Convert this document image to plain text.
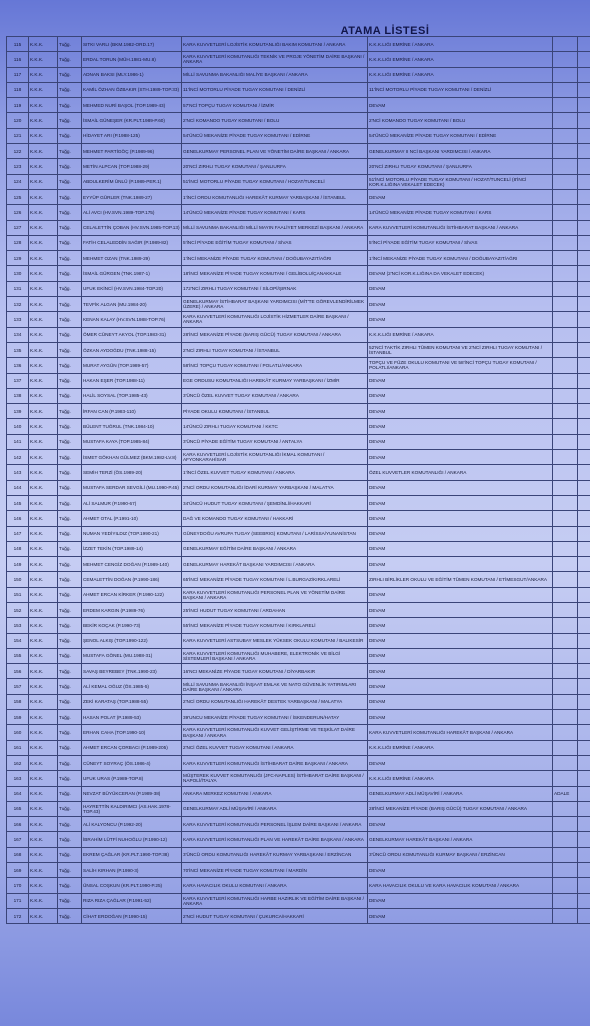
ATAMA LİSTESİ
115	K.K.K.	Tuğg.	SITKI VARLI (BKM.1982-ORD.17)	KARA KUVVETLERİ LOJİSTİK KOMUTANLIĞI BAKIM KOMUTANI / ANKARA	K.K.K.LIĞI EMRİNE / ANKARA		
116	K.K.K.	Tuğg.	ERDAL TORUN (MÜH.1981-MU.8)	KARA KUVVETLERİ KOMUTANLIĞI TEKNİK VE PROJE YÖNETİM DAİRE BAŞKANI / ANKARA	K.K.K.LIĞI EMRİNE / ANKARA		
117	K.K.K.	Tuğg.	ADNAN BAKSI (MLY.1986-1)	MİLLİ SAVUNMA BAKANLIĞI MALİYE BAŞKANI / ANKARA	K.K.K.LIĞI EMRİNE / ANKARA		
118	K.K.K.	Tuğg.	KAMİL ÖZHAN ÖZBAKIR (STH.1989-TOP.33)	11'İNCİ MOTORLU PİYADE TUGAY KOMUTANI / DENİZLİ	11'İNCİ MOTORLU PİYADE TUGAY KOMUTANI / DENİZLİ		
119	K.K.K.	Tuğg.	MEHMED NURİ BAŞOL (TOP.1989-43)	57'NCİ TOPÇU TUGAY KOMUTANI / İZMİR	DEVAM		
120	K.K.K.	Tuğg.	İSMAİL GÜNEŞER (KR.PLT.1989-P.60)	2'NCİ KOMANDO TUGAY KOMUTANI / BOLU	2'NCİ KOMANDO TUGAY KOMUTANI / BOLU		
121	K.K.K.	Tuğg.	HİDAYET ARI (P.1988-125)	54'ÜNCÜ MEKANİZE PİYADE TUGAY KOMUTANI / EDİRNE	54'ÜNCÜ MEKANİZE PİYADE TUGAY KOMUTANI / EDİRNE		
122	K.K.K.	Tuğg.	MEHMET PARTİGÖÇ (P.1989-96)	GENELKURMAY PERSONEL PLAN VE YÖNETİM DAİRE BAŞKANI / ANKARA	GENELKURMAY II NCİ BAŞKANI YARDIMCISI / ANKARA		
123	K.K.K.	Tuğg.	METİN ALPCAN (TOP.1988-29)	20'NCİ ZIRHLI TUGAY KOMUTANI / ŞANLIURFA	20'NCİ ZIRHLI TUGAY KOMUTANI / ŞANLIURFA		
124	K.K.K.	Tuğg.	ABDULKERİM ÜNLÜ (P.1989-PER.1)	51'İNCİ MOTORLU PİYADE TUGAY KOMUTANI / HOZAT/TUNCELİ	51'İNCİ MOTORLU PİYADE TUGAY KOMUTANI / HOZAT/TUNCELİ (8'İNCİ KOR.K.LIĞINA VEKALET EDECEK)		
125	K.K.K.	Tuğg.	EYYÜP GÜRLER (TNK.1989-27)	1'İNCİ ORDU KOMUTANLIĞI HAREKÂT KURMAY YARBAŞKANI / İSTANBUL	DEVAM		
126	K.K.K.	Tuğg.	ALİ AVCI (HV.SVN.1989-TOP.175)	14'ÜNCÜ MEKANİZE PİYADE TUGAY KOMUTANI / KARS	14'ÜNCÜ MEKANİZE PİYADE TUGAY KOMUTANI / KARS		
127	K.K.K.	Tuğg.	CELALETTİN ÇOBAN (HV.SVN.1985-TOP.13)	MİLLİ SAVUNMA BAKANLIĞI MİLLİ MAYIN FAALİYET MERKEZİ BAŞKANI / ANKARA	KARA KUVVETLERİ KOMUTANLIĞI İSTİHBARAT BAŞKANI / ANKARA		
128	K.K.K.	Tuğg.	FATİH CELALEDDİN SAĞIR (P.1989-82)	5'İNCİ PİYADE EĞİTİM TUGAY KOMUTANI / SİVAS	5'İNCİ PİYADE EĞİTİM TUGAY KOMUTANI / SİVAS		
129	K.K.K.	Tuğg.	MEHMET OZAN (TNK.1989-29)	1'İNCİ MEKANİZE PİYADE TUGAY KOMUTANI / DOĞUBAYAZIT/AĞRI	1'İNCİ MEKANİZE PİYADE TUGAY KOMUTANI / DOĞUBAYAZIT/AĞRI		
130	K.K.K.	Tuğg.	İSMAİL GÜRGEN (TNK.1987-1)	18'İNCİ MEKANİZE PİYADE TUGAY KOMUTANI / GELİBOLU/ÇANAKKALE	DEVAM (2'NCİ KOR.K.LIĞINA DA VEKALET EDECEK)		
131	K.K.K.	Tuğg.	UFUK EKİNCİ (HV.SVN.1984-TOP.20)	172'NCİ ZIRHLI TUGAY KOMUTANI / SİLOPİ/ŞIRNAK	DEVAM		
132	K.K.K.	Tuğg.	TEVFİK ALGAN (MU.1984-20)	GENELKURMAY İSTİHBARAT BAŞKANI YARDIMCISI (MİT'TE GÖREVLENDİRİLMEK ÜZERE) / ANKARA	DEVAM		
133	K.K.K.	Tuğg.	KENAN KALAY (HV.SVN.1988-TOP.76)	KARA KUVVETLERİ KOMUTANLIĞI LOJİSTİK HİZMETLER DAİRE BAŞKANI / ANKARA	DEVAM		
134	K.K.K.	Tuğg.	ÖMER CÜNEYT AKYOL (TOP.1983-31)	28'İNCİ MEKANİZE PİYADE (BARIŞ GÜCÜ) TUGAY KOMUTANI / ANKARA	K.K.K.LIĞI EMRİNE / ANKARA		
135	K.K.K.	Tuğg.	ÖZKAN AYDOĞDU (TNK.1988-15)	2'NCİ ZIRHLI TUGAY KOMUTANI / İSTANBUL	52'NCİ TAKTİK ZIRHLI TÜMEN KOMUTANI VE 2'NCİ ZIRHLI TUGAY KOMUTANI / İSTANBUL		
136	K.K.K.	Tuğg.	MURAT AYGÜN (TOP.1989-57)	58'İNCİ TOPÇU TUGAY KOMUTANI / POLATLI/ANKARA	TOPÇU VE FÜZE OKULU KOMUTANI VE 58'İNCİ TOPÇU TUGAY KOMUTANI / POLATLI/ANKARA		
137	K.K.K.	Tuğg.	HAKAN EŞER (TOP.1988-11)	EGE ORDUSU KOMUTANLIĞI HAREKÂT KURMAY YARBAŞKANI / İZMİR	DEVAM		
138	K.K.K.	Tuğg.	HALİL SOYSAL (TOP.1985-43)	3'ÜNCÜ ÖZEL KUVVET TUGAY KOMUTANI / ANKARA	DEVAM		
139	K.K.K.	Tuğg.	İRFAN CAN (P.1983-110)	PİYADE OKULU KOMUTANI / İSTANBUL	DEVAM		
140	K.K.K.	Tuğg.	BÜLENT TUĞRUL (TNK.1984-10)	14'ÜNCÜ ZIRHLI TUGAY KOMUTANI / KKTC	DEVAM		
141	K.K.K.	Tuğg.	MUSTAFA KAYA (TOP.1985-84)	3'ÜNCÜ PİYADE EĞİTİM TUGAY KOMUTANI / ANTALYA	DEVAM		
142	K.K.K.	Tuğg.	İSMET GÖKHAN GÜLMEZ (BKM.1982-LV.8)	KARA KUVVETLERİ LOJİSTİK KOMUTANLIĞI İKMAL KOMUTANI / AFYONKARAHİSAR	DEVAM		
143	K.K.K.	Tuğg.	SEMİH TERZİ (ÖS.1989-20)	1'İNCİ ÖZEL KUVVET TUGAY KOMUTANI / ANKARA	ÖZEL KUVVETLER KOMUTANLIĞI / ANKARA		
144	K.K.K.	Tuğg.	MUSTAFA SERDAR SEVGİLİ (MU.1990-P.45)	2'NCİ ORDU KOMUTANLIĞI İDARİ KURMAY YARBAŞKANI / MALATYA	DEVAM		
145	K.K.K.	Tuğg.	ALİ SALMUR (P.1990-67)	34'ÜNCÜ HUDUT TUGAY KOMUTANI / ŞEMDİNLİ/HAKKARİ	DEVAM		
146	K.K.K.	Tuğg.	AHMET OTAL (P.1991-10)	DAĞ VE KOMANDO TUGAY KOMUTANI / HAKKARİ	DEVAM		
147	K.K.K.	Tuğg.	NUMAN YEDİYILDIZ (TOP.1990-21)	GÜNEYDOĞU AVRUPA TUGAY (SEEBRIG) KOMUTANI / LARİSSA/YUNANİSTAN	DEVAM		
148	K.K.K.	Tuğg.	İZZET TEKİN (TOP.1989-14)	GENELKURMAY EĞİTİM DAİRE BAŞKANI / ANKARA	DEVAM		
149	K.K.K.	Tuğg.	MEHMET CENGİZ DOĞAN (P.1989-140)	GENELKURMAY HAREKÂT BAŞKANI YARDIMCISI / ANKARA	DEVAM		
150	K.K.K.	Tuğg.	CEMALETTİN DOĞAN (P.1990-186)	65'İNCİ MEKANİZE PİYADE TUGAY KOMUTANI / L.BURGAZ/KIRKLARELİ	ZIRHLI BİRLİKLER OKULU VE EĞİTİM TÜMEN KOMUTANI / ETİMESGUT/ANKARA		
151	K.K.K.	Tuğg.	AHMET ERCAN KİRKER (P.1990-122)	KARA KUVVETLERİ KOMUTANLIĞI PERSONEL PLAN VE YÖNETİM DAİRE BAŞKANI / ANKARA	DEVAM		
152	K.K.K.	Tuğg.	ERDEM KARGIN (P.1989-76)	25'İNCİ HUDUT TUGAY KOMUTANI / ARDAHAN	DEVAM		
153	K.K.K.	Tuğg.	BEKİR KOÇAK (P.1990-73)	55'İNCİ MEKANİZE PİYADE TUGAY KOMUTANI / KIRKLARELİ	DEVAM		
154	K.K.K.	Tuğg.	ŞENOL ALKIŞ (TOP.1990-122)	KARA KUVVETLERİ ASTSUBAY MESLEK YÜKSEK OKULU KOMUTANI / BALIKESİR	DEVAM		
155	K.K.K.	Tuğg.	MUSTAFA GÖNEL (MU.1988-31)	KARA KUVVETLERİ KOMUTANLIĞI MUHABERE, ELEKTRONİK VE BİLGİ SİSTEMLERİ BAŞKANI / ANKARA	DEVAM		
156	K.K.K.	Tuğg.	SAVAŞ BEYREBEY (TNK.1990-23)	16'NCI MEKANİZE PİYADE TUGAY KOMUTANI / DİYARBAKIR	DEVAM		
157	K.K.K.	Tuğg.	ALİ KEMAL OĞUZ (ÖS.1985-5)	MİLLİ SAVUNMA BAKANLIĞI İNŞAAT EMLAK VE NATO GÜVENLİK YATIRIMLARI DAİRE BAŞKANI / ANKARA	DEVAM		
158	K.K.K.	Tuğg.	ZEKİ KARATAŞ (TOP.1988-55)	2'NCİ ORDU KOMUTANLIĞI HAREKÂT DESTEK YARBAŞKANI / MALATYA	DEVAM		
159	K.K.K.	Tuğg.	HASAN POLAT (P.1989-53)	39'UNCU MEKANİZE PİYADE TUGAY KOMUTANI / İSKENDERUN/HATAY	DEVAM		
160	K.K.K.	Tuğg.	ERHAN CAHA (TOP.1990-10)	KARA KUVVETLERİ KOMUTANLIĞI KUVVET GELİŞTİRME VE TEŞKİLAT DAİRE BAŞKANI / ANKARA	KARA KUVVETLERİ KOMUTANLIĞI HAREKÂT BAŞKANI / ANKARA		
161	K.K.K.	Tuğg.	AHMET ERCAN ÇORBACI (P.1989-205)	2'NCİ ÖZEL KUVVET TUGAY KOMUTANI / ANKARA	K.K.K.LIĞI EMRİNE / ANKARA		
162	K.K.K.	Tuğg.	CÜNEYT SOYRAÇ (ÖS.1986-4)	KARA KUVVETLERİ KOMUTANLIĞI İSTİHBARAT DAİRE BAŞKANI / ANKARA	DEVAM		
163	K.K.K.	Tuğg.	UFUK URAS (P.1989-TOP.8)	MÜŞTEREK KUVVET KOMUTANLIĞI (JFC-NAPLES) İSTİHBARAT DAİRE BAŞKANI / NAPOLİ/İTALYA	K.K.K.LIĞI EMRİNE / ANKARA		
164	K.K.K.	Tuğg.	NEVZAT BÜYÜKCERAN (P.1989-38)	ANKARA MERKEZ KOMUTANI / ANKARA	GENELKURMAY ADLİ MÜŞAVİRİ / ANKARA	ADALE	
165	K.K.K.	Tuğg.	HAYRETTİN KALDIRIMCI (AS.HAK.1978-TOP.43)	GENELKURMAY ADLİ MÜŞAVİRİ / ANKARA	28'İNCİ MEKANİZE PİYADE (BARIŞ GÜCÜ) TUGAY KOMUTANI / ANKARA		
166	K.K.K.	Tuğg.	ALİ KALYONCU (P.1992-20)	KARA KUVVETLERİ KOMUTANLIĞI PERSONEL İŞLEM DAİRE BAŞKANI / ANKARA	DEVAM		
167	K.K.K.	Tuğg.	İBRAHİM LÜTFİ NUHOĞLU (P.1990-12)	KARA KUVVETLERİ KOMUTANLIĞI PLAN VE HAREKÂT DAİRE BAŞKANI / ANKARA	GENELKURMAY HAREKÂT BAŞKANI / ANKARA		
168	K.K.K.	Tuğg.	EKREM ÇAĞLAR (KR.PLT.1990-TOP.38)	3'ÜNCÜ ORDU KOMUTANLIĞI HAREKÂT KURMAY YARBAŞKANI / ERZİNCAN	3'ÜNCÜ ORDU KOMUTANLIĞI KURMAY BAŞKANI / ERZİNCAN		
169	K.K.K.	Tuğg.	SALİH KIRHAN (P.1990-3)	70'İNCİ MEKANİZE PİYADE TUGAY KOMUTANI / MARDİN	DEVAM		
170	K.K.K.	Tuğg.	ÜNSAL COŞKUN (KR.PLT.1990-P.25)	KARA HAVACILIK OKULU KOMUTANI / ANKARA	KARA HAVACILIK OKULU VE KARA HAVACILIK KOMUTANI / ANKARA		
171	K.K.K.	Tuğg.	RIZA RIZA ÇAĞLAR (P.1991-52)	KARA KUVVETLERİ KOMUTANLIĞI HARBE HAZIRLIK VE EĞİTİM DAİRE BAŞKANI / ANKARA	DEVAM		
172	K.K.K.	Tuğg.	CİHAT ERDOĞAN (P.1990-15)	2'NCİ HUDUT TUGAY KOMUTANI / ÇUKURCA/HAKKARİ	DEVAM		
